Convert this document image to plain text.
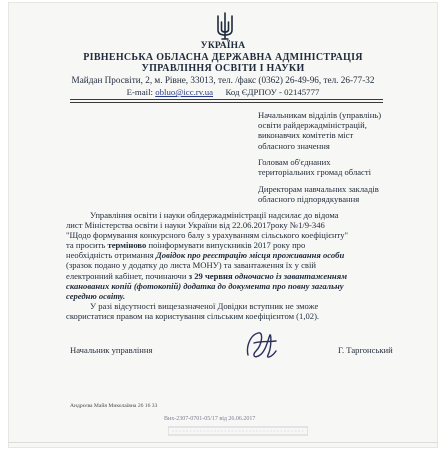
УКРАЇНА
РІВНЕНСЬКА ОБЛАСНА ДЕРЖАВНА АДМІНІСТРАЦІЯ
УПРАВЛІННЯ ОСВІТИ І НАУКИ
Майдан Просвіти, 2, м. Рівне, 33013, тел. /факс (0362) 26-49-96, тел. 26-77-32
E-mail: obluo@icc.rv.ua Код ЄДРПОУ - 02145777
Начальникам відділів (управлінь)
освіти райдержадміністрацій,
виконавчих комітетів міст
обласного значення
Головам об'єднаних
територіальних громад області
Директорам навчальних закладів
обласного підпорядкування

Управління освіти і науки облдержадміністрації надсилає до відома

лист Міністерства освіти і науки України від 22.06.2017року №1/9-346

"Щодо формування конкурсного балу з урахуванням сільського коефіцієнту"

та просить терміново поінформувати випускників 2017 року про

необхідність отримання Довідок про реєстрацію місця проживання особи

(зразок подано у додатку до листа МОНУ) та завантаження їх у свій

електронний кабінет, починаючи з 29 червня одночасно із завантаженням

сканованих копій (фотокопій) додатка до документа про повну загальну

середню освіту.

У разі відсутності вищезазначеної Довідки вступник не зможе

скористатися правом на користування сільським коефіцієнтом (1,02).

Начальник управління	Г. Таргонський
Андрєєва Майя Миколаївна 26 16 33
Вих-2307-0701-05/17 від 26.06.2017
